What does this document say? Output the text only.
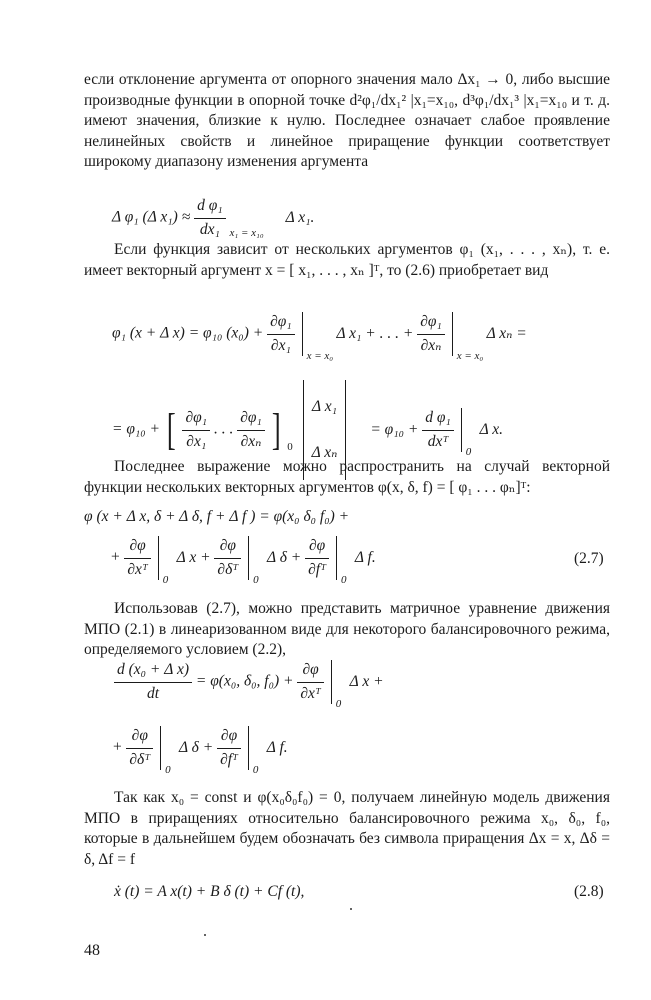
если отклонение аргумента от опорного значения мало Δx₁ → 0, либо высшие производные функции в опорной точке d²φ₁/dx₁² |x₁=x₁₀, d³φ₁/dx₁³ |x₁=x₁₀ и т. д. имеют значения, близкие к нулю. Последнее означает слабое проявление нелинейных свойств и линейное приращение функции соответствует широкому диапазону изменения аргумента
Δ φ₁ (Δ $x_1) \approx \frac{\text{d φ₁}}{\text{dx₁}} _{x_1 = x_{10}}$ Δ x₁.
Если функция зависит от нескольких аргументов φ₁ (x₁, . . . , xₙ), т. е. имеет векторный аргумент x = [ x₁, . . . , xₙ ]ᵀ, то (2.6) приобретает вид
φ₁ (x + Δ x) = φ₁₀ $(x_0) + \frac{\text{∂φ₁}}{\text{∂x₁}}$
x = x₀
Δ x₁ + . . . + $\frac{\text{∂φ₁}}{\text{∂xₙ}}$
x = x₀
Δ xₙ =
= φ₁₀ + [ $\frac{\text{∂φ₁}}{\text{∂x₁}}$ . . . $\frac{\text{∂φ₁}}{\text{∂xₙ}}$ ] $_0$
Δ x₁
Δ xₙ
= $\varphi_{10} + \frac{\text{d φ₁}}{\text{dxᵀ}}$
0
Δ x.
Последнее выражение можно распространить на случай векторной функции нескольких векторных аргументов φ(x, δ, f) = [ φ₁ . . . φₙ]ᵀ:
φ (x + Δ x, δ + Δ δ, f + Δ f ) = φ(x₀ δ₀ f₀) +
+ $\frac{\partial\varphi}{\text{∂xᵀ}}$
0
Δ $x + \frac{\partial\varphi}{\text{∂δᵀ}}$
0
Δ $\delta + \frac{\partial\varphi}{\text{∂fᵀ}}$
0
Δ f.	(2.7)
Использовав (2.7), можно представить матричное уравнение движения МПО (2.1) в линеаризованном виде для некоторого балансировочного режима, определяемого условием (2.2),
$\frac{\text{d (x₀ + Δ x)}}{dt} = \varphi(x_0$, δ₀, $f_0) + \frac{\partial\varphi}{\text{∂xᵀ}}$
0
Δ x +
+ $\frac{\partial\varphi}{\text{∂δᵀ}}$
0
Δ $\delta + \frac{\partial\varphi}{\text{∂fᵀ}}$
0
Δ f.
Так как x₀ = const и φ(x₀δ₀f₀) = 0, получаем линейную модель движения МПО в приращениях относительно балансировочного режима x₀, δ₀, f₀, которые в дальнейшем будем обозначать без символа приращения Δx = x, Δδ = δ, Δf = f
ẋ (t) = A x(t) + B δ (t) + Cf (t),	(2.8)
48
